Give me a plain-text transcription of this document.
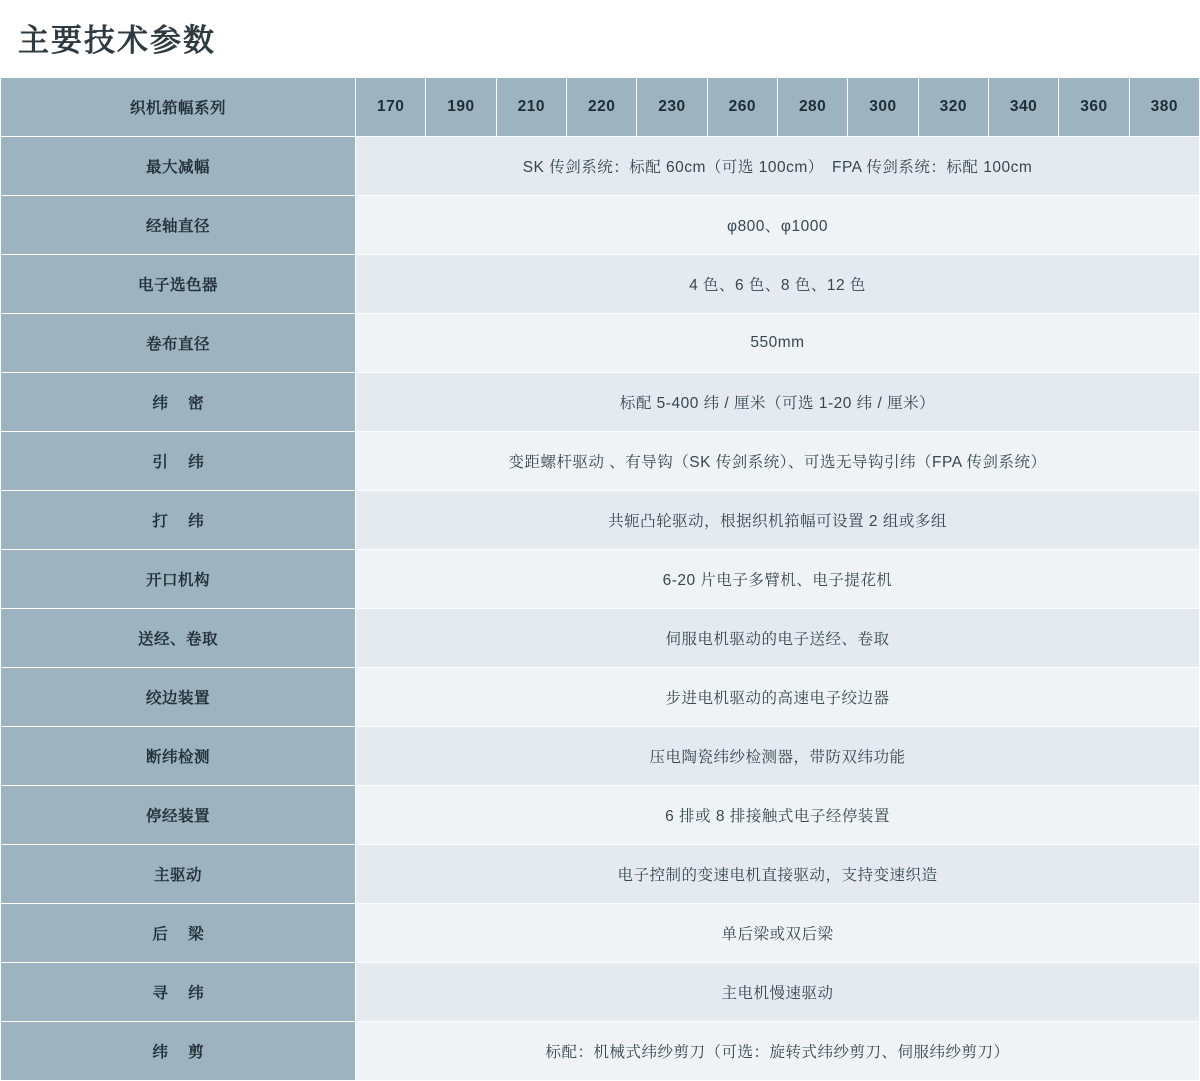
主要技术参数
织机筘幅系列	170	190	210	220	230	260	280	300	320	340	360	380
最大减幅	SK 传剑系统：标配 60cm（可选 100cm）　FPA 传剑系统：标配 100cm											
经轴直径	φ800、φ1000											
电子选色器	4 色、6 色、8 色、12 色											
卷布直径	550mm											
纬 密	标配 5-400 纬 / 厘米（可选 1-20 纬 / 厘米）											
引 纬	变距螺杆驱动 、有导钩（SK 传剑系统）、可选无导钩引纬（FPA 传剑系统）											
打 纬	共轭凸轮驱动，根据织机筘幅可设置 2 组或多组											
开口机构	6-20 片电子多臂机、电子提花机											
送经、卷取	伺服电机驱动的电子送经、卷取											
绞边装置	步进电机驱动的高速电子绞边器											
断纬检测	压电陶瓷纬纱检测器，带防双纬功能											
停经装置	6 排或 8 排接触式电子经停装置											
主驱动	电子控制的变速电机直接驱动，支持变速织造											
后 梁	单后梁或双后梁											
寻 纬	主电机慢速驱动											
纬 剪	标配：机械式纬纱剪刀（可选：旋转式纬纱剪刀、伺服纬纱剪刀）											
